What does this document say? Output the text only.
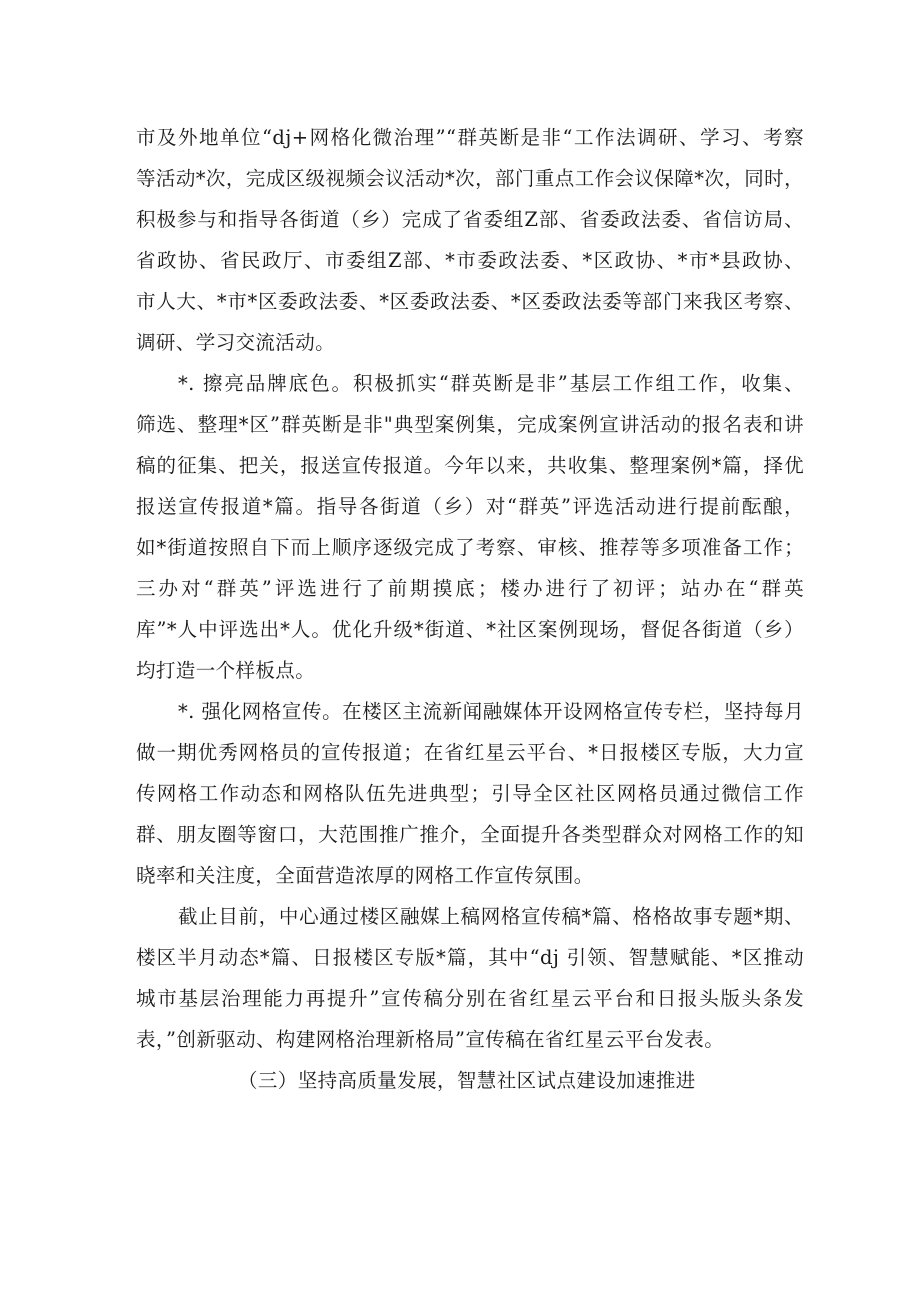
市及外地单位“dj+网格化微治理”“群英断是非“工作法调研、学习、考察
等活动*次，完成区级视频会议活动*次，部门重点工作会议保障*次，同时，
积极参与和指导各街道（乡）完成了省委组Z部、省委政法委、省信访局、
省政协、省民政厅、市委组Z部、*市委政法委、*区政协、*市*县政协、
市人大、*市*区委政法委、*区委政法委、*区委政法委等部门来我区考察、
调研、学习交流活动。
*. 擦亮品牌底色。积极抓实“群英断是非”基层工作组工作，收集、
筛选、整理*区”群英断是非"典型案例集，完成案例宣讲活动的报名表和讲
稿的征集、把关，报送宣传报道。今年以来，共收集、整理案例*篇，择优
报送宣传报道*篇。指导各街道（乡）对“群英”评选活动进行提前酝酿，
如*街道按照自下而上顺序逐级完成了考察、审核、推荐等多项准备工作；
三办对“群英”评选进行了前期摸底；楼办进行了初评；站办在“群英
库”*人中评选出*人。优化升级*街道、*社区案例现场，督促各街道（乡）
均打造一个样板点。
*. 强化网格宣传。在楼区主流新闻融媒体开设网格宣传专栏，坚持每月
做一期优秀网格员的宣传报道；在省红星云平台、*日报楼区专版，大力宣
传网格工作动态和网格队伍先进典型；引导全区社区网格员通过微信工作
群、朋友圈等窗口，大范围推广推介，全面提升各类型群众对网格工作的知
晓率和关注度，全面营造浓厚的网格工作宣传氛围。
截止目前，中心通过楼区融媒上稿网格宣传稿*篇、格格故事专题*期、
楼区半月动态*篇、日报楼区专版*篇，其中“dj 引领、智慧赋能、*区推动
城市基层治理能力再提升”宣传稿分别在省红星云平台和日报头版头条发
表，”创新驱动、构建网格治理新格局”宣传稿在省红星云平台发表。
（三）坚持高质量发展，智慧社区试点建设加速推进
